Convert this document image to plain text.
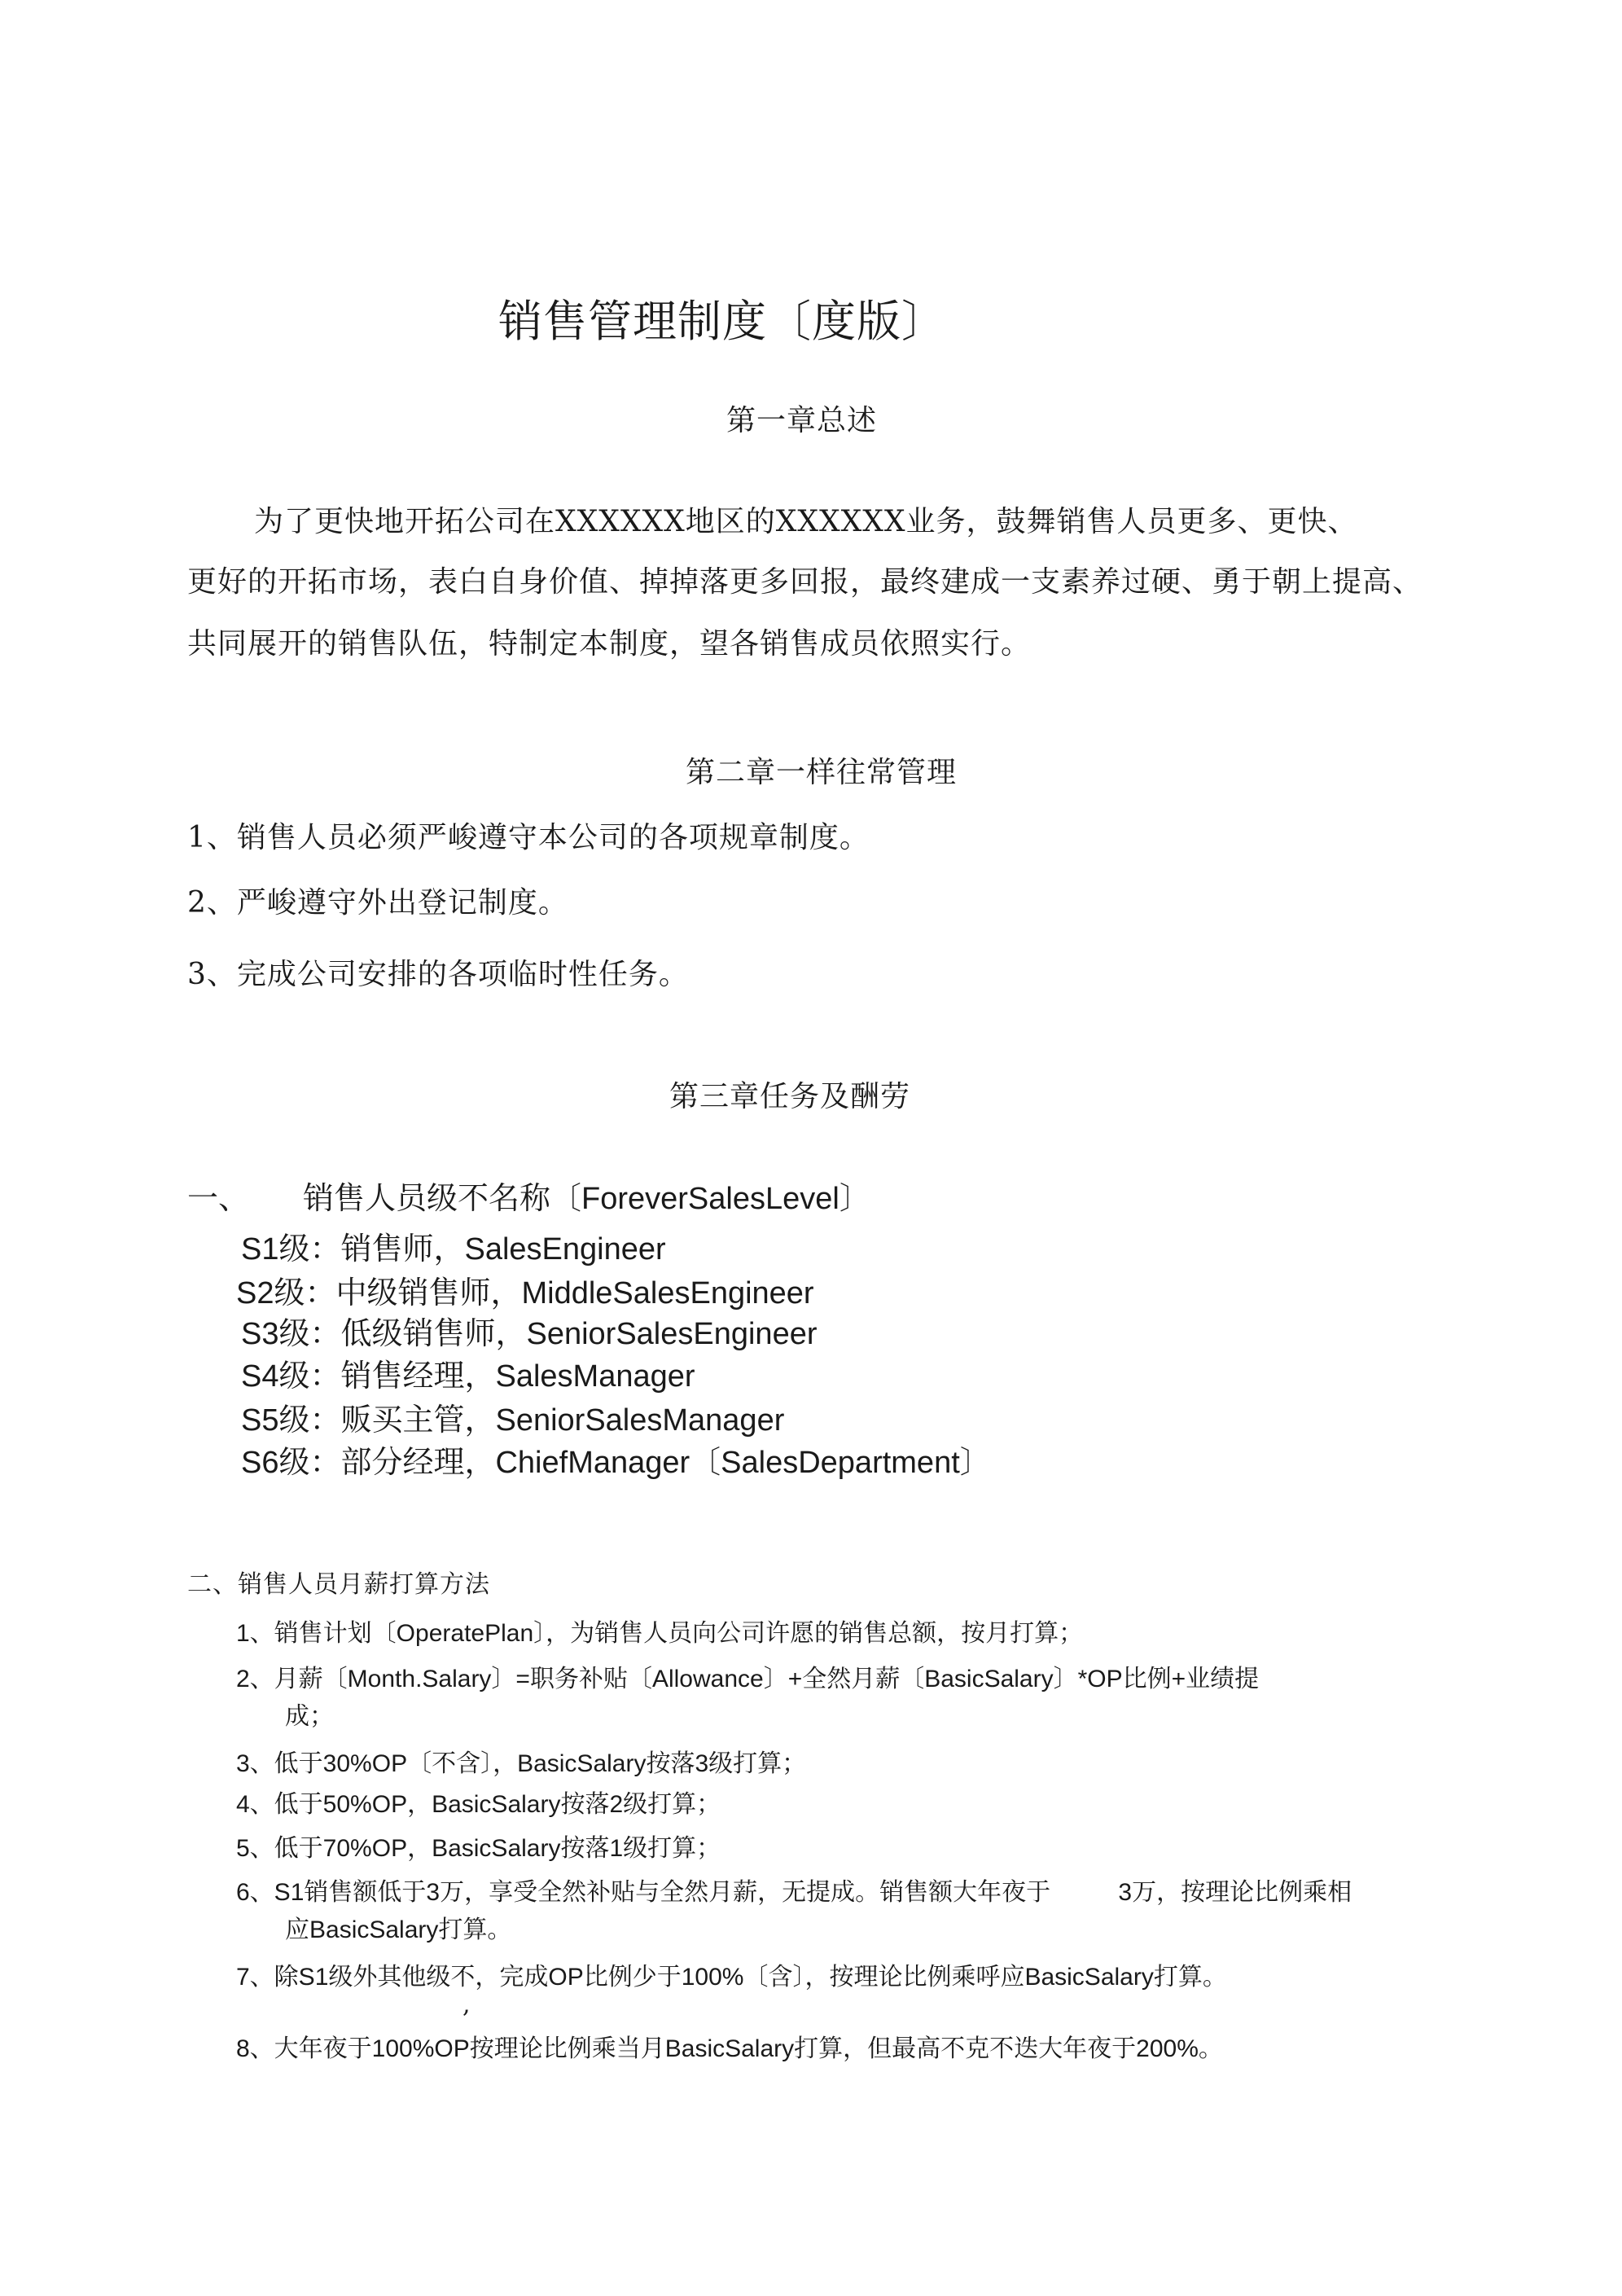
销售管理制度〔度版〕
第一章总述
为了更快地开拓公司在XXXXXX地区的XXXXXX业务，鼓舞销售人员更多、更快、
更好的开拓市场，表白自身价值、掉掉落更多回报，最终建成一支素养过硬、勇于朝上提高、
共同展开的销售队伍，特制定本制度，望各销售成员依照实行。
第二章一样往常管理
1、销售人员必须严峻遵守本公司的各项规章制度。
2、严峻遵守外出登记制度。
3、完成公司安排的各项临时性任务。
第三章任务及酬劳
一、 销售人员级不名称〔ForeverSalesLevel〕
S1级：销售师，SalesEngineer
S2级：中级销售师，MiddleSalesEngineer
S3级：低级销售师，SeniorSalesEngineer
S4级：销售经理，SalesManager
S5级：贩买主管，SeniorSalesManager
S6级：部分经理，ChiefManager〔SalesDepartment〕
二、销售人员月薪打算方法
1、销售计划〔OperatePlan〕，为销售人员向公司许愿的销售总额，按月打算；
2、月薪〔Month.Salary〕=职务补贴〔Allowance〕+全然月薪〔BasicSalary〕*OP比例+业绩提
成；
3、低于30%OP〔不含〕，BasicSalary按落3级打算；
4、低于50%OP，BasicSalary按落2级打算；
5、低于70%OP，BasicSalary按落1级打算；
6、S1销售额低于3万，享受全然补贴与全然月薪，无提成。销售额大年夜于          3万，按理论比例乘相
应BasicSalary打算。
7、除S1级外其他级不，完成OP比例少于100%〔含〕，按理论比例乘呼应BasicSalary打算。
,
8、大年夜于100%OP按理论比例乘当月BasicSalary打算，但最高不克不迭大年夜于200%。
